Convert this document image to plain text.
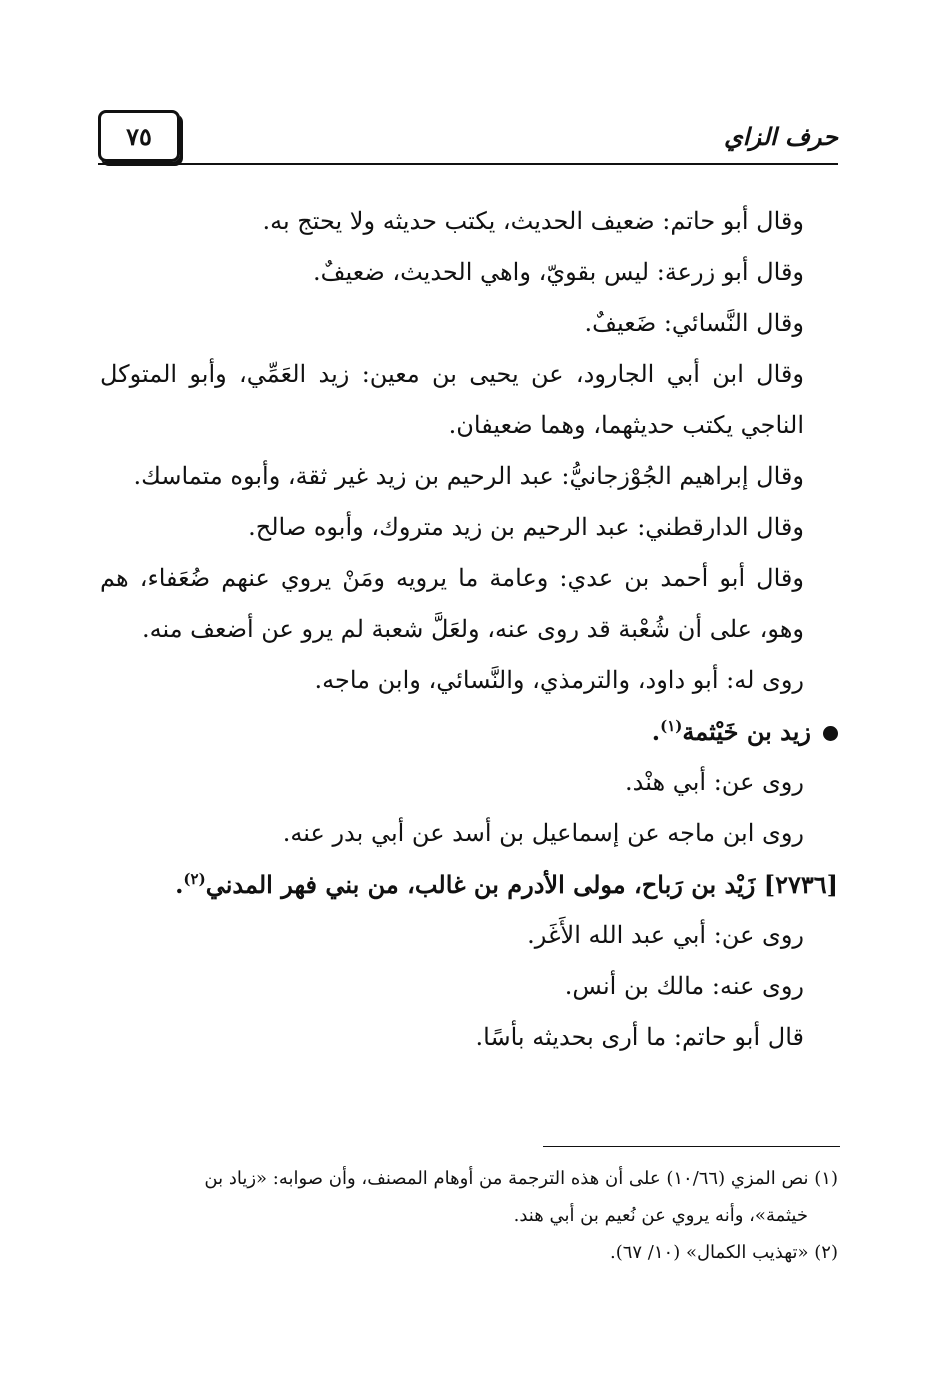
٧٥	حرف الزاي

وقال أبو حاتم: ضعيف الحديث، يكتب حديثه ولا يحتج به.

وقال أبو زرعة: ليس بقويّ، واهي الحديث، ضعيفٌ.

وقال النَّسائي: ضَعيفٌ.

وقال ابن أبي الجارود، عن يحيى بن معين: زيد العَمِّي، وأبو المتوكل الناجي يكتب حديثهما، وهما ضعيفان.

وقال إبراهيم الجُوْزجانيُّ: عبد الرحيم بن زيد غير ثقة، وأبوه متماسك.

وقال الدارقطني: عبد الرحيم بن زيد متروك، وأبوه صالح.

وقال أبو أحمد بن عدي: وعامة ما يرويه ومَنْ يروي عنهم ضُعَفاء، هم وهو، على أن شُعْبة قد روى عنه، ولعَلَّ شعبة لم يرو عن أضعف منه.

روى له: أبو داود، والترمذي، والنَّسائي، وابن ماجه.

زيد بن خَيْثمة$^{(١)}$.

روى عن: أبي هنْد.

روى ابن ماجه عن إسماعيل بن أسد عن أبي بدر عنه.

[٢٧٣٦] زَيْد بن رَباح، مولى الأدرم بن غالب، من بني فهر المدني$^{(٢)}$.

روى عن: أبي عبد الله الأَغَر.

روى عنه: مالك بن أنس.

قال أبو حاتم: ما أرى بحديثه بأسًا.

(١) نص المزي (١٠/٦٦) على أن هذه الترجمة من أوهام المصنف، وأن صوابه: «زياد بن

خيثمة»، وأنه يروي عن نُعيم بن أبي هند.

(٢) «تهذيب الكمال» (١٠/ ٦٧).
